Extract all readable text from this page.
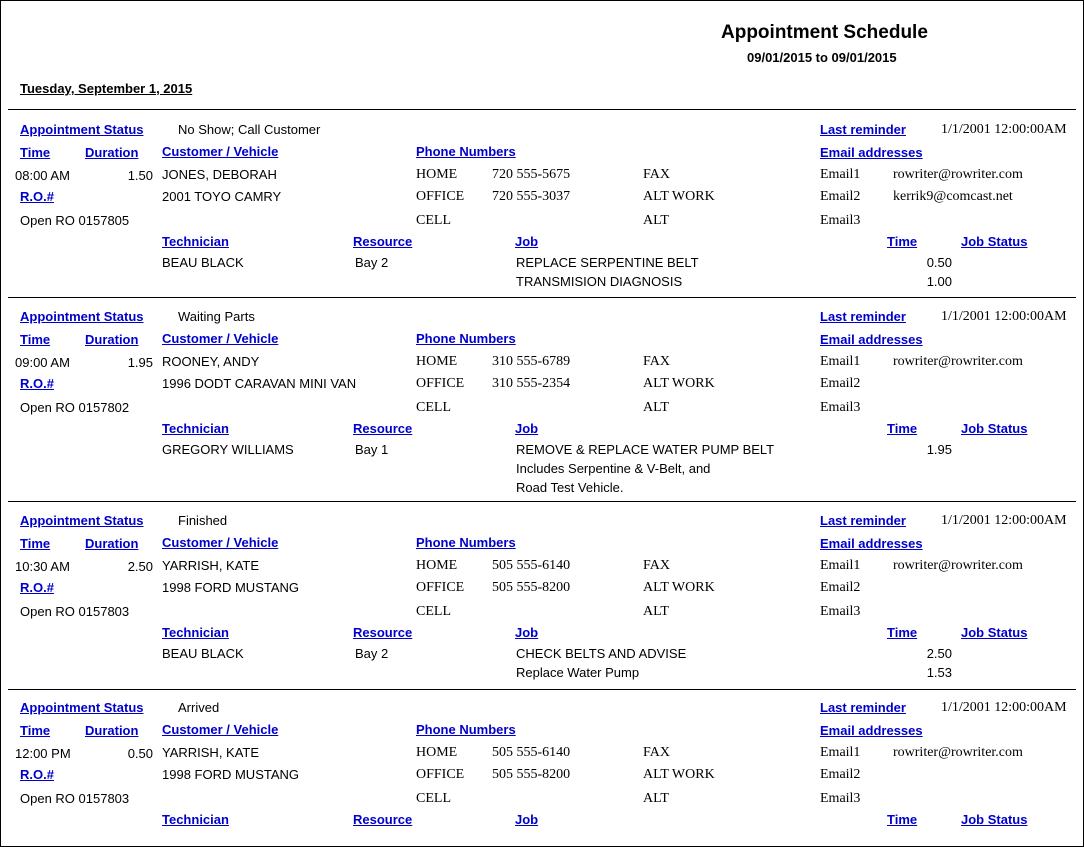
Appointment Schedule
09/01/2015 to 09/01/2015
Tuesday, September 1, 2015
Appointment Status	No Show; Call Customer	Last reminder	1/1/2001 12:00:00AM
Time	Duration Customer / Vehicle	Phone Numbers	Email addresses
08:00 AM	1.50 JONES, DEBORAH	HOME 720 555-5675	FAX	Email1 rowriter@rowriter.com
R.O.#	2001 TOYO CAMRY	OFFICE 720 555-3037	ALT WORK	Email2 kerrik9@comcast.net
Open RO 0157805	CELL	ALT	Email3
Technician	Resource	Job	Time	Job Status
BEAU BLACK	Bay 2	REPLACE SERPENTINE BELT	0.50
TRANSMISION DIAGNOSIS	1.00
Appointment Status	Waiting Parts	Last reminder	1/1/2001 12:00:00AM
Time	Duration Customer / Vehicle	Phone Numbers	Email addresses
09:00 AM	1.95 ROONEY, ANDY	HOME 310 555-6789	FAX	Email1 rowriter@rowriter.com
R.O.#	1996 DODT CARAVAN MINI VAN	OFFICE 310 555-2354	ALT WORK	Email2
Open RO 0157802	CELL	ALT	Email3
Technician	Resource	Job	Time	Job Status
GREGORY WILLIAMS	Bay 1	REMOVE & REPLACE WATER PUMP BELT	1.95
Includes Serpentine & V-Belt, and
Road Test Vehicle.
Appointment Status	Finished	Last reminder	1/1/2001 12:00:00AM
Time	Duration Customer / Vehicle	Phone Numbers	Email addresses
10:30 AM	2.50 YARRISH, KATE	HOME 505 555-6140	FAX	Email1 rowriter@rowriter.com
R.O.#	1998 FORD MUSTANG	OFFICE 505 555-8200	ALT WORK	Email2
Open RO 0157803	CELL	ALT	Email3
Technician	Resource	Job	Time	Job Status
BEAU BLACK	Bay 2	CHECK BELTS AND ADVISE	2.50
Replace Water Pump	1.53
Appointment Status	Arrived	Last reminder	1/1/2001 12:00:00AM
Time	Duration Customer / Vehicle	Phone Numbers	Email addresses
12:00 PM	0.50 YARRISH, KATE	HOME 505 555-6140	FAX	Email1 rowriter@rowriter.com
R.O.#	1998 FORD MUSTANG	OFFICE 505 555-8200	ALT WORK	Email2
Open RO 0157803	CELL	ALT	Email3
Technician	Resource	Job	Time	Job Status
